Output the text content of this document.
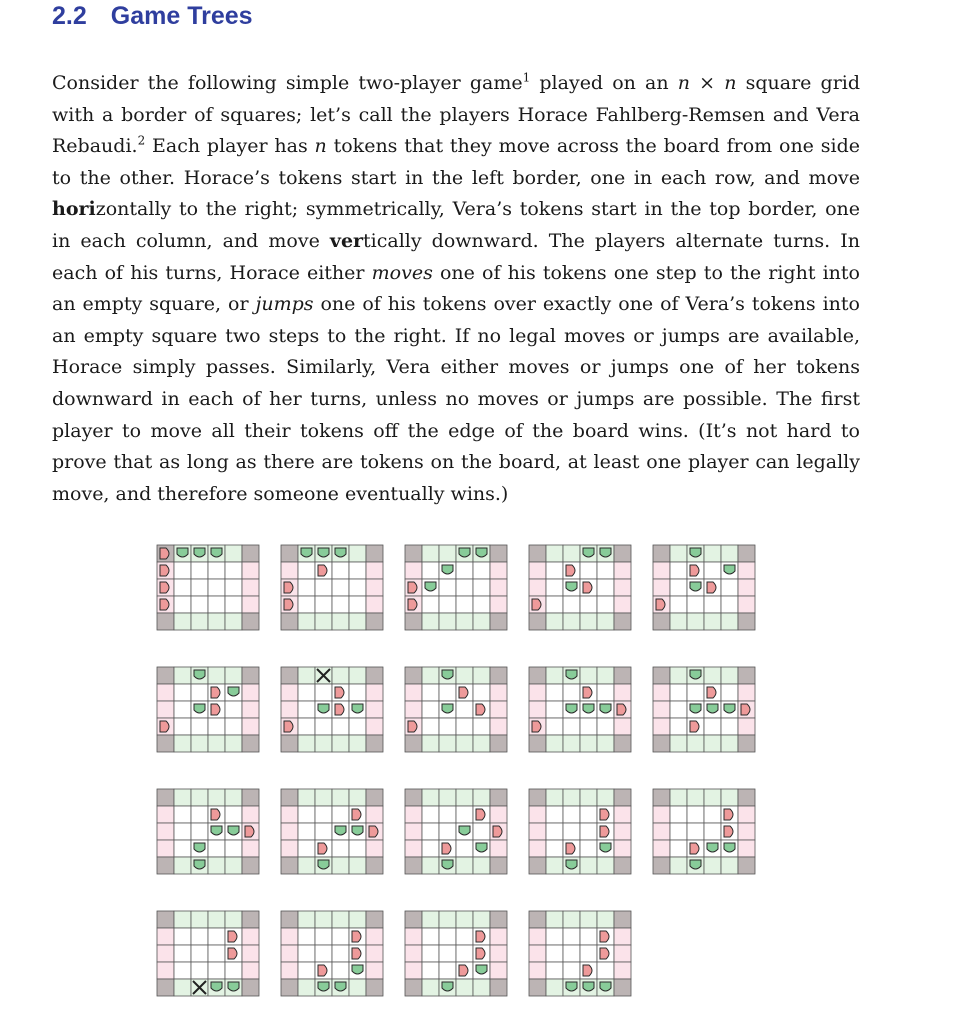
2.2 Game Trees

Consider the following simple two-player game$^1$ played on an n × n square grid with a border of squares; let’s call the players Horace Fahlberg-Remsen and Vera Rebaudi.$^2$ Each player has n tokens that they move across the board from one side to the other. Horace’s tokens start in the left border, one in each row, and move horizontally to the right; symmetrically, Vera’s tokens start in the top border, one in each column, and move vertically downward. The players alternate turns. In each of his turns, Horace either moves one of his tokens one step to the right into an empty square, or jumps one of his tokens over exactly one of Vera’s tokens into an empty square two steps to the right. If no legal moves or jumps are available, Horace simply passes. Similarly, Vera either moves or jumps one of her tokens downward in each of her turns, unless no moves or jumps are possible. The first player to move all their tokens off the edge of the board wins. (It’s not hard to prove that as long as there are tokens on the board, at least one player can legally move, and therefore someone eventually wins.)
